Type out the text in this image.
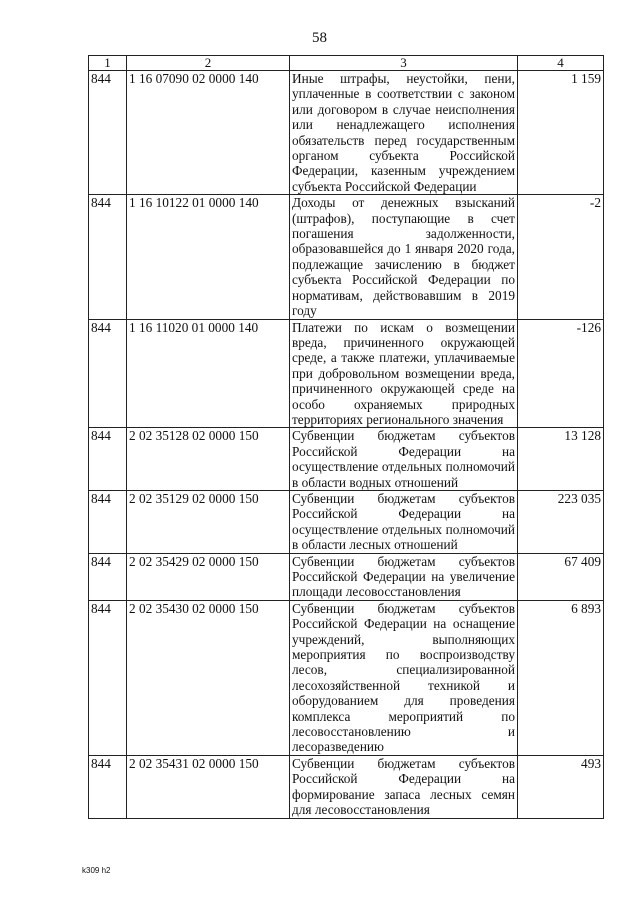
58
1	2	3	4
844	1 16 07090 02 0000 140	Иные штрафы, неустойки, пени, уплаченные в соответствии с законом или договором в случае неисполнения или ненадлежащего исполнения обязательств перед государственным органом субъекта Российской Федерации, казенным учреждением субъекта Российской Федерации	1 159
844	1 16 10122 01 0000 140	Доходы от денежных взысканий (штрафов), поступающие в счет погашения задолженности, образовавшейся до 1 января 2020 года, подлежащие зачислению в бюджет субъекта Российской Федерации по нормативам, действовавшим в 2019 году	-2
844	1 16 11020 01 0000 140	Платежи по искам о возмещении вреда, причиненного окружающей среде, а также платежи, уплачиваемые при добровольном возмещении вреда, причиненного окружающей среде на особо охраняемых природных территориях регионального значения	-126
844	2 02 35128 02 0000 150	Субвенции бюджетам субъектов Российской Федерации на осуществление отдельных полномочий в области водных отношений	13 128
844	2 02 35129 02 0000 150	Субвенции бюджетам субъектов Российской Федерации на осуществление отдельных полномочий в области лесных отношений	223 035
844	2 02 35429 02 0000 150	Субвенции бюджетам субъектов Российской Федерации на увеличение площади лесовосстановления	67 409
844	2 02 35430 02 0000 150	Субвенции бюджетам субъектов Российской Федерации на оснащение учреждений, выполняющих мероприятия по воспроизводству лесов, специализированной лесохозяйственной техникой и оборудованием для проведения комплекса мероприятий по лесовосстановлению и лесоразведению	6 893
844	2 02 35431 02 0000 150	Субвенции бюджетам субъектов Российской Федерации на формирование запаса лесных семян для лесовосстановления	493
k309 h2
